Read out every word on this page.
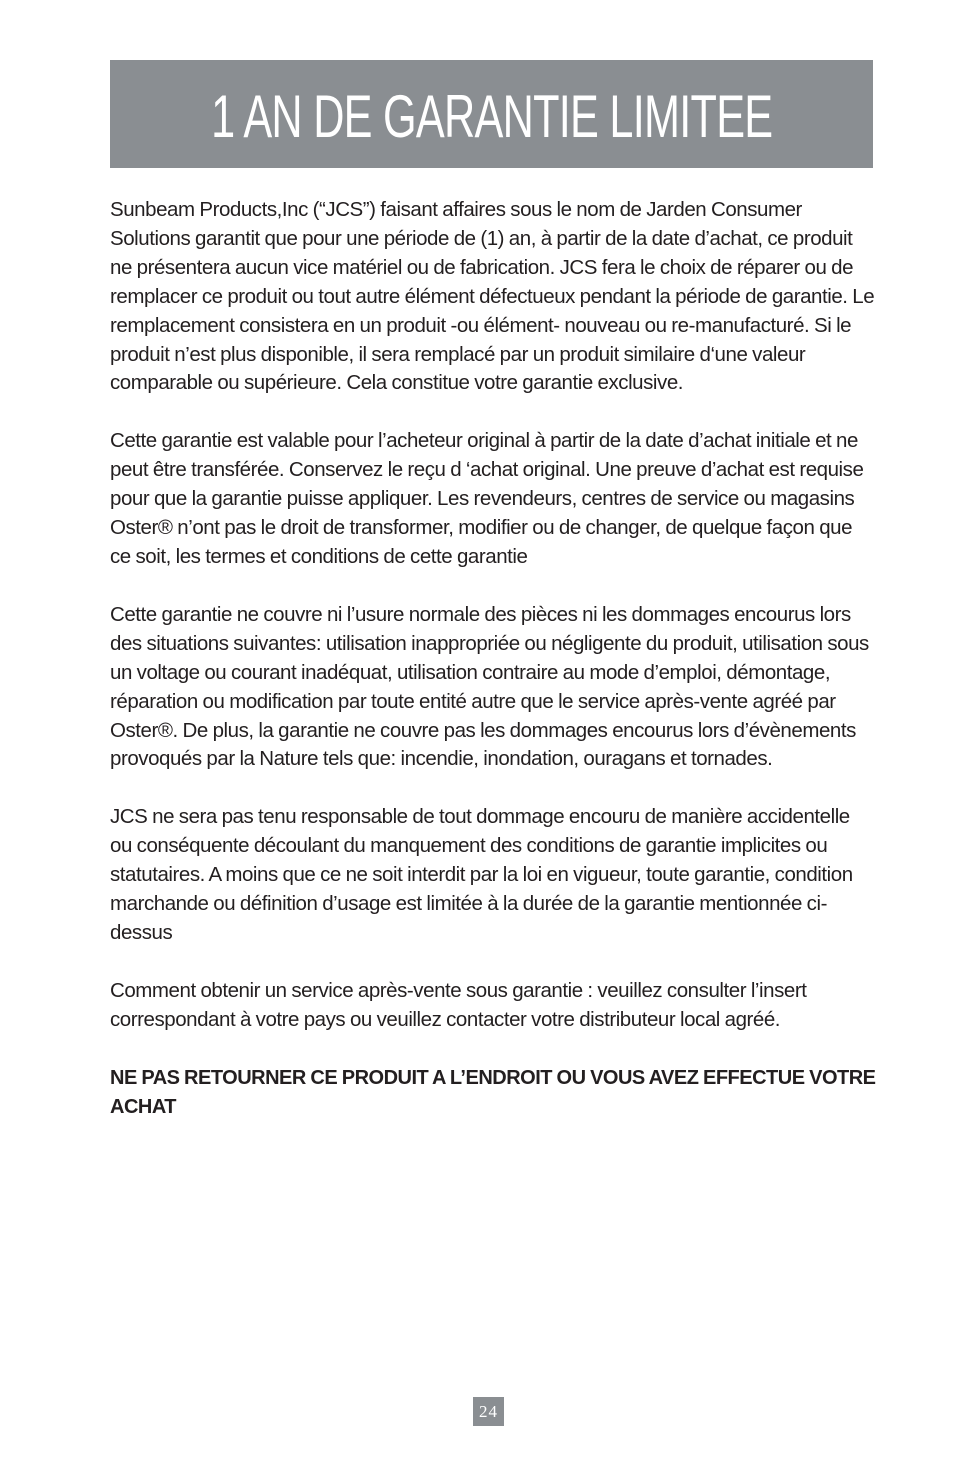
1 AN DE GARANTIE LIMITEE

Sunbeam Products,Inc (“JCS”) faisant affaires sous le nom de Jarden Consumer Solutions garantit que pour une période de (1) an, à partir de la date d’achat, ce produit ne présentera aucun vice matériel ou de fabrication. JCS fera le choix de réparer ou de remplacer ce produit ou tout autre élément défectueux pendant la période de garantie. Le remplacement consistera en un produit -ou élément- nouveau ou re-manufacturé. Si le produit n’est plus disponible, il sera remplacé par un produit similaire d‘une valeur comparable ou supérieure. Cela constitue votre garantie exclusive.

Cette garantie est valable pour l’acheteur original à partir de la date d’achat initiale et ne peut être transférée. Conservez le reçu d ‘achat original. Une preuve d’achat est requise pour que la garantie puisse appliquer. Les revendeurs, centres de service ou magasins Oster® n’ont pas le droit de transformer, modifier ou de changer, de quelque façon que ce soit, les termes et conditions de cette garantie

Cette garantie ne couvre ni l’usure normale des pièces ni les dommages encourus lors des situations suivantes: utilisation inappropriée ou négligente du produit, utilisation sous un voltage ou courant inadéquat, utilisation contraire au mode d’emploi, démontage, réparation ou modification par toute entité autre que le service après-vente agréé par Oster®. De plus, la garantie ne couvre pas les dommages encourus lors d’évènements provoqués par la Nature tels que: incendie, inondation, ouragans et tornades.

JCS ne sera pas tenu responsable de tout dommage encouru de manière accidentelle ou conséquente découlant du manquement des conditions de garantie implicites ou statutaires. A moins que ce ne soit interdit par la loi en vigueur, toute garantie, condition marchande ou définition d’usage est limitée à la durée de la garantie mentionnée ci-dessus

Comment obtenir un service après-vente sous garantie : veuillez consulter l’insert correspondant à votre pays ou veuillez contacter votre distributeur local agréé.

NE PAS RETOURNER CE PRODUIT A L’ENDROIT OU VOUS AVEZ EFFECTUE VOTRE ACHAT

24
